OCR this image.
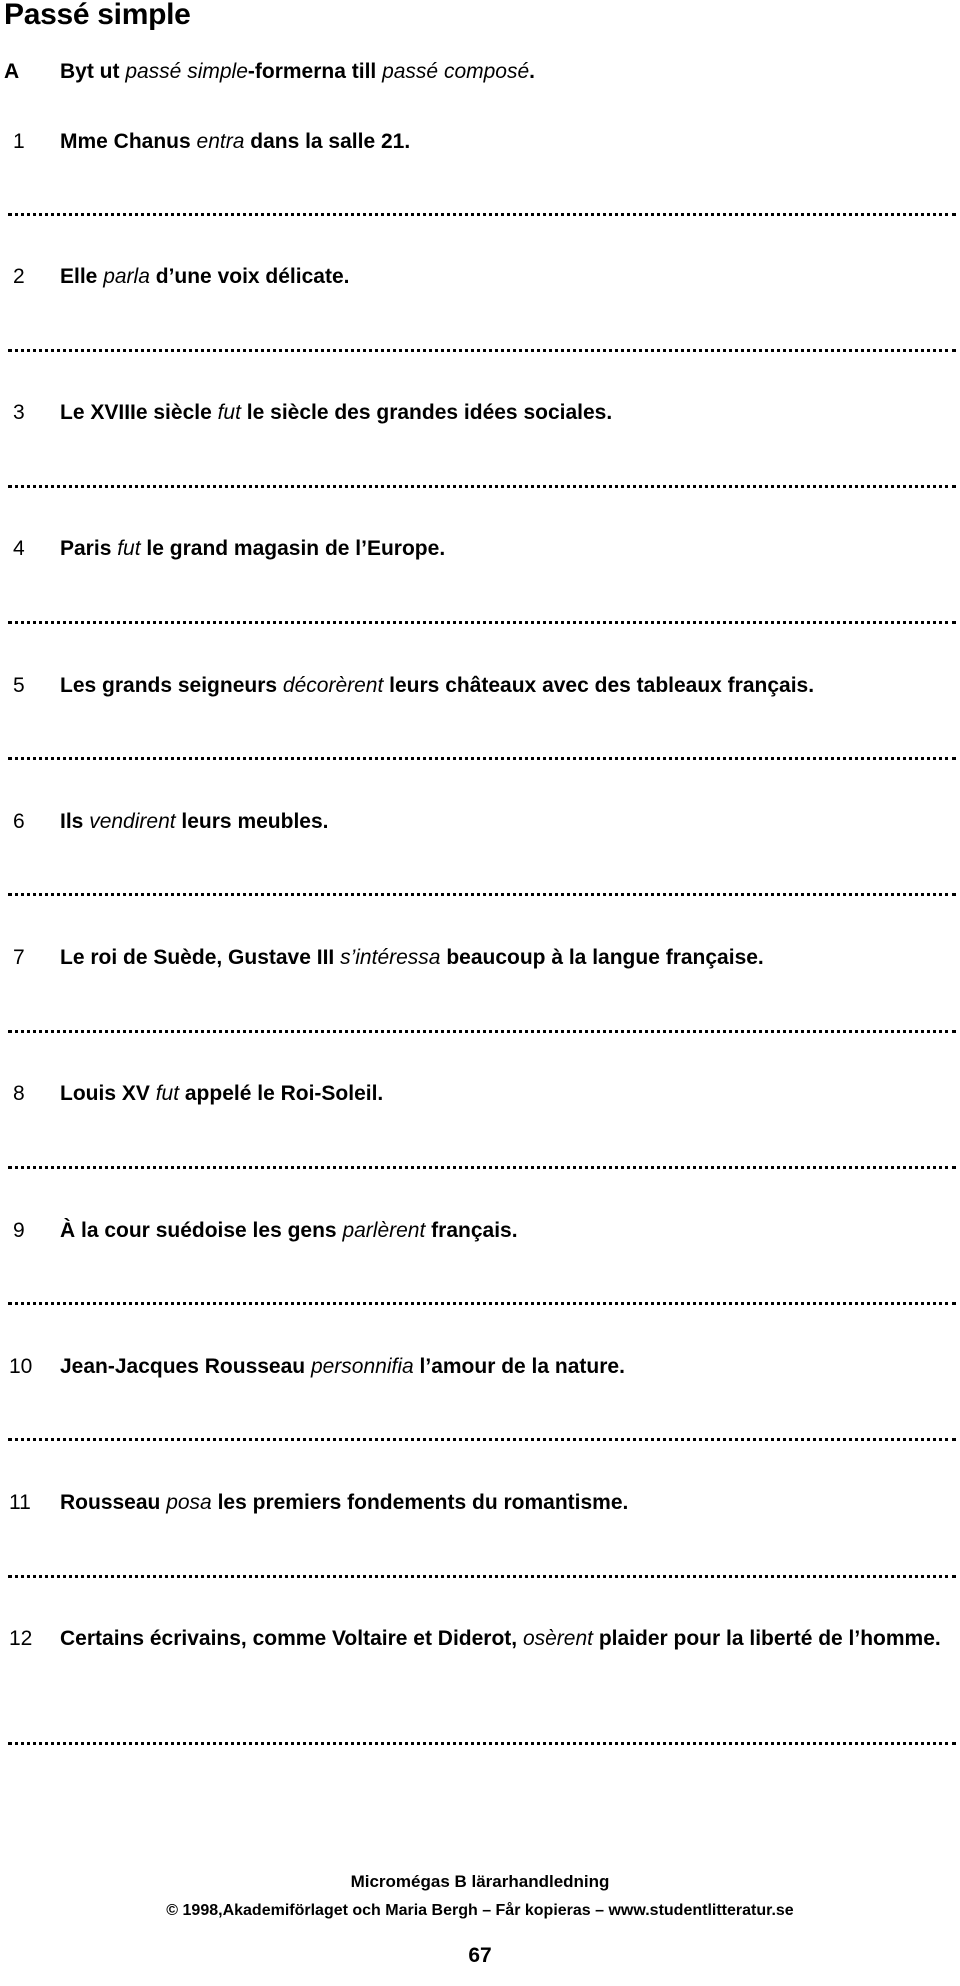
Passé simple
A	Byt ut passé simple-formerna till passé composé.
1	Mme Chanus entra dans la salle 21.
2	Elle parla d’une voix délicate.
3	Le XVIIIe siècle fut le siècle des grandes idées sociales.
4	Paris fut le grand magasin de l’Europe.
5	Les grands seigneurs décorèrent leurs châteaux avec des tableaux français.
6	Ils vendirent leurs meubles.
7	Le roi de Suède, Gustave III s’intéressa beaucoup à la langue française.
8	Louis XV fut appelé le Roi-Soleil.
9	À la cour suédoise les gens parlèrent français.
10	Jean-Jacques Rousseau personnifia l’amour de la nature.
11	Rousseau posa les premiers fondements du romantisme.
12	Certains écrivains, comme Voltaire et Diderot, osèrent plaider pour la liberté de l’homme.
Micromégas B lärarhandledning
© 1998,Akademiförlaget och Maria Bergh – Får kopieras – www.studentlitteratur.se
67
